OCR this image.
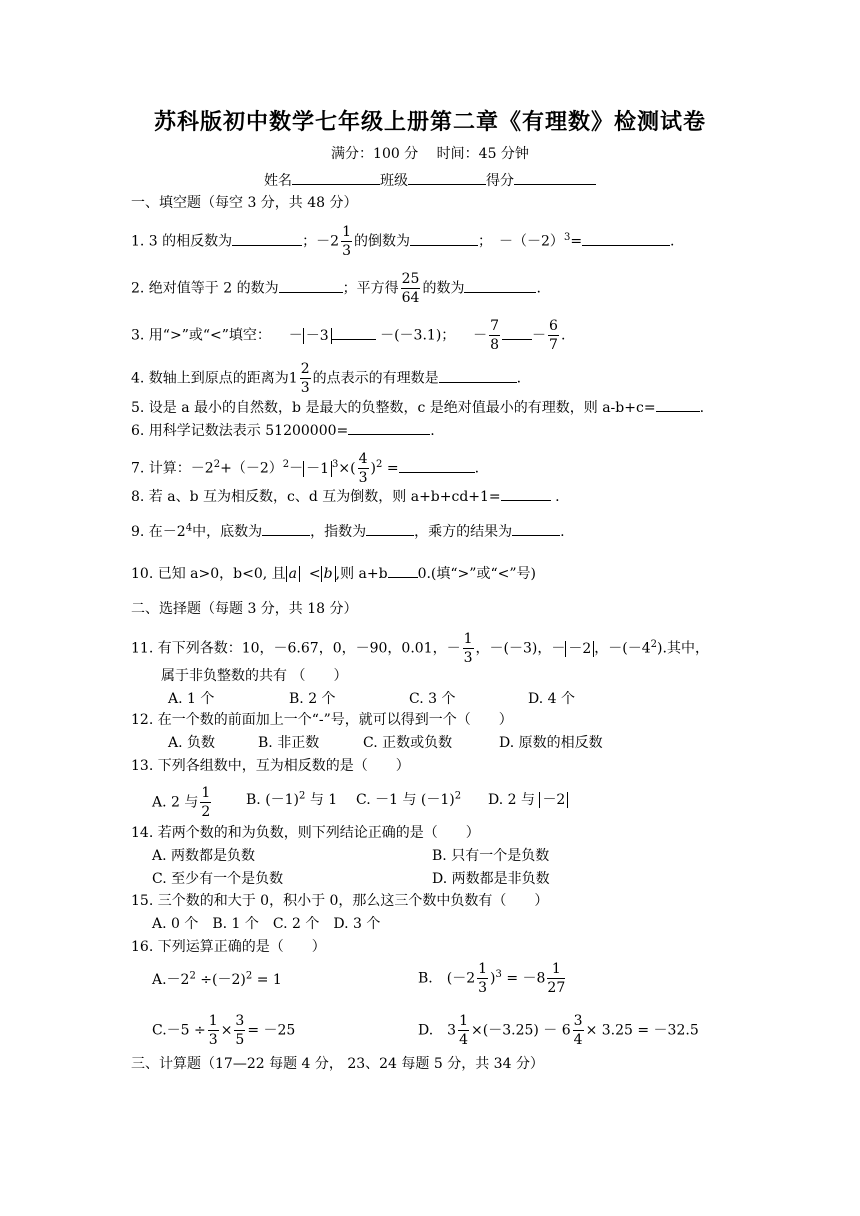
苏科版初中数学七年级上册第二章《有理数》检测试卷
满分：100 分　 时间：45 分钟
姓名	班级	得分
一、填空题（每空 3 分，共 48 分）
1. 3 的相反数为	；$-2 \frac{1}{3}$ 的倒数为	；　$-(-2)^3=$	.
2. 绝对值等于 2 的数为	；平方得 $\frac{25}{64}$ 的数为	.
3. 用“>”或“<”填空： － －3	－(－3.1)； － $\frac{7}{8} - \frac{6}{7}$ .
4. 数轴上到原点的距离为$1 \frac{2}{3}$ 的点表示的有理数是	.
5. 设是 a 最小的自然数，b 是最大的负整数，c 是绝对值最小的有理数，则 a-b+c=	.
6. 用科学记数法表示 51200000=	.
7. 计算：$-2^2+(-2)^2- -1$ $^3\times( \frac{4}{3} )^2$ =	.
8. 若 a、b 互为相反数，c、d 互为倒数，则 a+b+cd+1=	.
9. 在$-2^4$中，底数为	，指数为	，乘方的结果为	.
10. 已知 a>0，b<0, 且 a < b ,则 a+b 0.(填“>”或“<”号)
二、选择题（每题 3 分，共 18 分）
11. 有下列各数：10，－6.67，0，－90，0.01，－ $\frac{1}{3}$ ，－(－3)，－ －2 ，$-(-4^2)$.其中，
属于非负整数的共有 （　　）
A. 1 个	B. 2 个	C. 3 个	D. 4 个
12. 在一个数的前面加上一个“-”号，就可以得到一个（　　）
A. 负数	B. 非正数	C. 正数或负数	D. 原数的相反数
13. 下列各组数中，互为相反数的是（　　）
A. 2 与 $\frac{1}{2} B$. $(-1)^2$ 与 1 C. －1 与 $(-1)^2$ D. 2 与 －2
14. 若两个数的和为负数，则下列结论正确的是（　　）
A. 两数都是负数	B. 只有一个是负数
C. 至少有一个是负数	D. 两数都是非负数
15. 三个数的和大于 0，积小于 0，那么这三个数中负数有（　　）
A. 0 个　B. 1 个　C. 2 个　D. 3 个
16. 下列运算正确的是（　　）
$A.-2^2 \div(-2)^2 = 1$	B.　$(-2 \frac{1}{3} )^3 = -8 \frac{1}{27}$
$C.-5 \div \frac{1}{3} \times \frac{3}{5} = -25$	D.　$3 \frac{1}{4} \times(-3.25) - 6 \frac{3}{4} \times 3.25 = -32.5$
三、计算题（17—22 每题 4 分， 23、24 每题 5 分，共 34 分）
